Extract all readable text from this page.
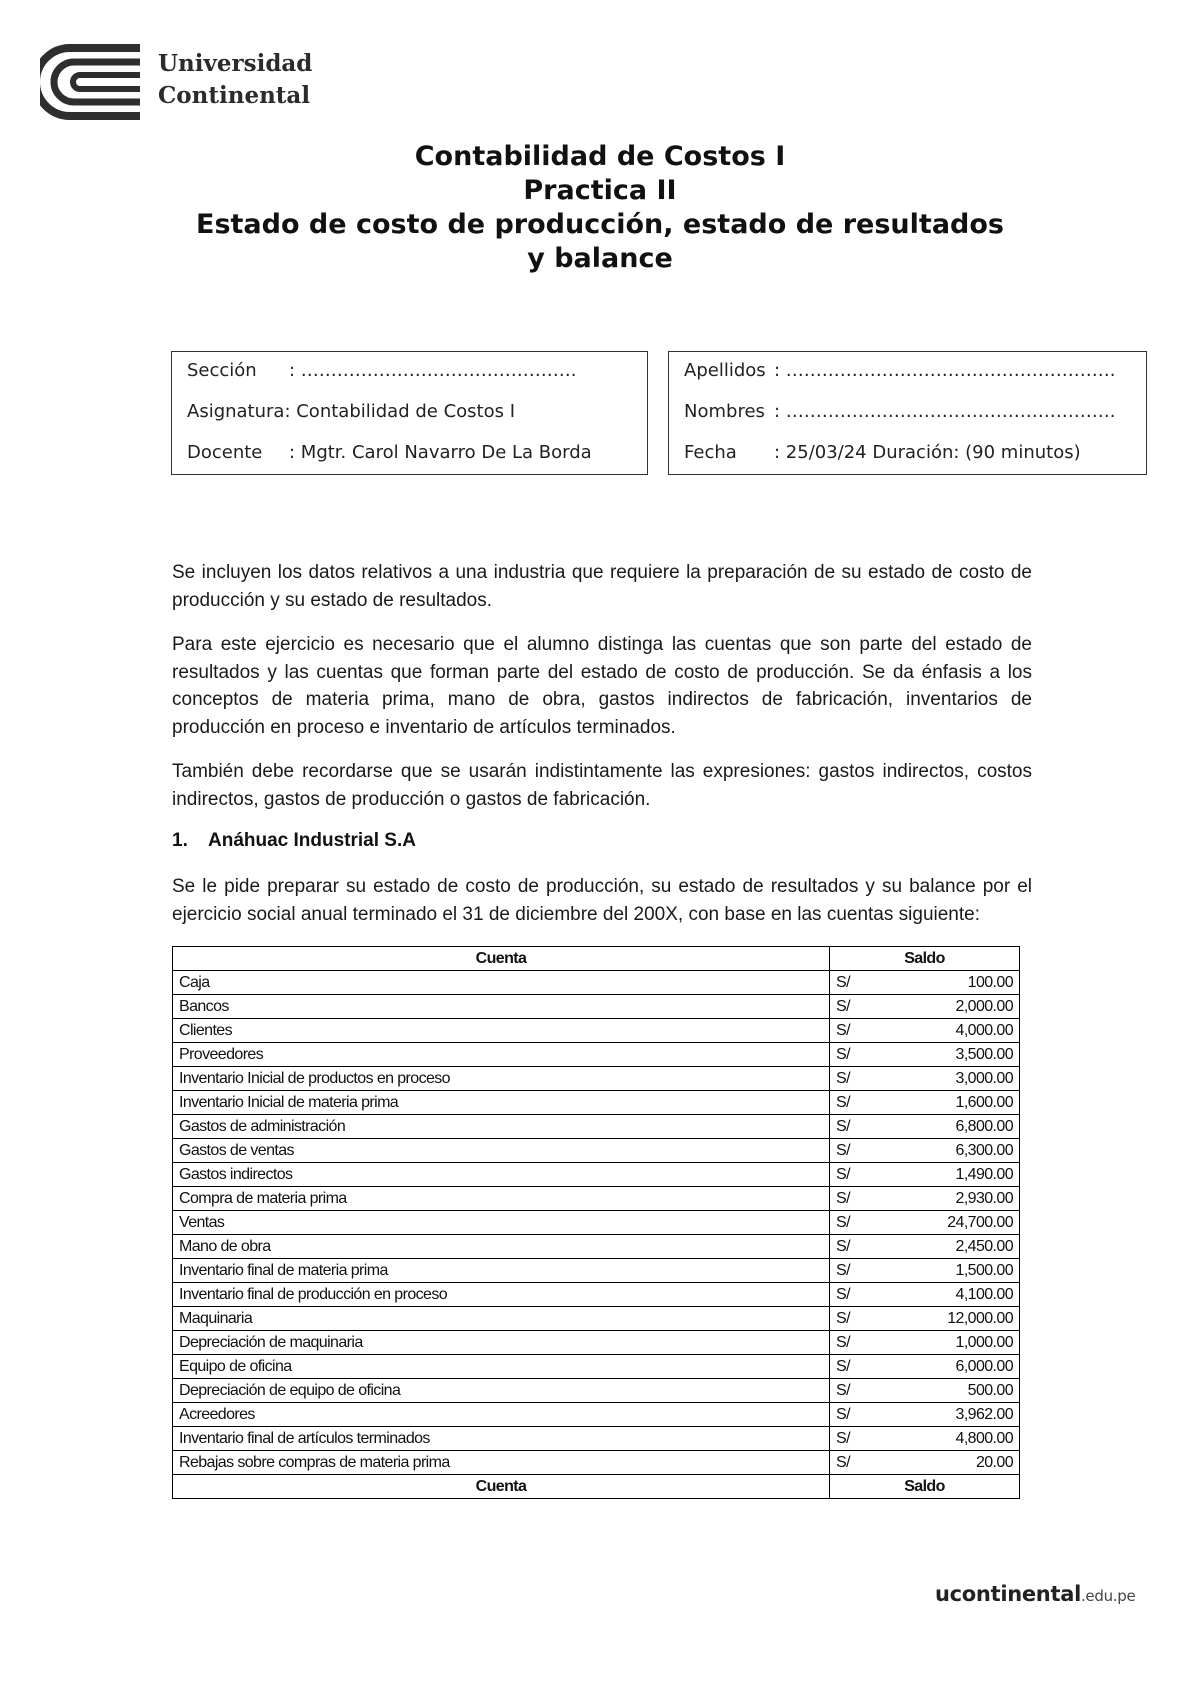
Universidad
Continental
Contabilidad de Costos I
Practica II
Estado de costo de producción, estado de resultados
y balance
Sección : ……………………………………….
Asignatura: Contabilidad de Costos I
Docente : Mgtr. Carol Navarro De La Borda
Apellidos : ……………………………………………….
Nombres : ……………………………………………….
Fecha : 25/03/24 Duración: (90 minutos)
Se incluyen los datos relativos a una industria que requiere la preparación de su estado de costo de producción y su estado de resultados.
Para este ejercicio es necesario que el alumno distinga las cuentas que son parte del estado de resultados y las cuentas que forman parte del estado de costo de producción. Se da énfasis a los conceptos de materia prima, mano de obra, gastos indirectos de fabricación, inventarios de producción en proceso e inventario de artículos terminados.
También debe recordarse que se usarán indistintamente las expresiones: gastos indirectos, costos indirectos, gastos de producción o gastos de fabricación.
1. Anáhuac Industrial S.A
Se le pide preparar su estado de costo de producción, su estado de resultados y su balance por el ejercicio social anual terminado el 31 de diciembre del 200X, con base en las cuentas siguiente:
Cuenta	Saldo	
Caja	S/	100.00
Bancos	S/	2,000.00
Clientes	S/	4,000.00
Proveedores	S/	3,500.00
Inventario Inicial de productos en proceso	S/	3,000.00
Inventario Inicial de materia prima	S/	1,600.00
Gastos de administración	S/	6,800.00
Gastos de ventas	S/	6,300.00
Gastos indirectos	S/	1,490.00
Compra de materia prima	S/	2,930.00
Ventas	S/	24,700.00
Mano de obra	S/	2,450.00
Inventario final de materia prima	S/	1,500.00
Inventario final de producción en proceso	S/	4,100.00
Maquinaria	S/	12,000.00
Depreciación de maquinaria	S/	1,000.00
Equipo de oficina	S/	6,000.00
Depreciación de equipo de oficina	S/	500.00
Acreedores	S/	3,962.00
Inventario final de artículos terminados	S/	4,800.00
Rebajas sobre compras de materia prima	S/	20.00
Cuenta	Saldo	
ucontinental.edu.pe
